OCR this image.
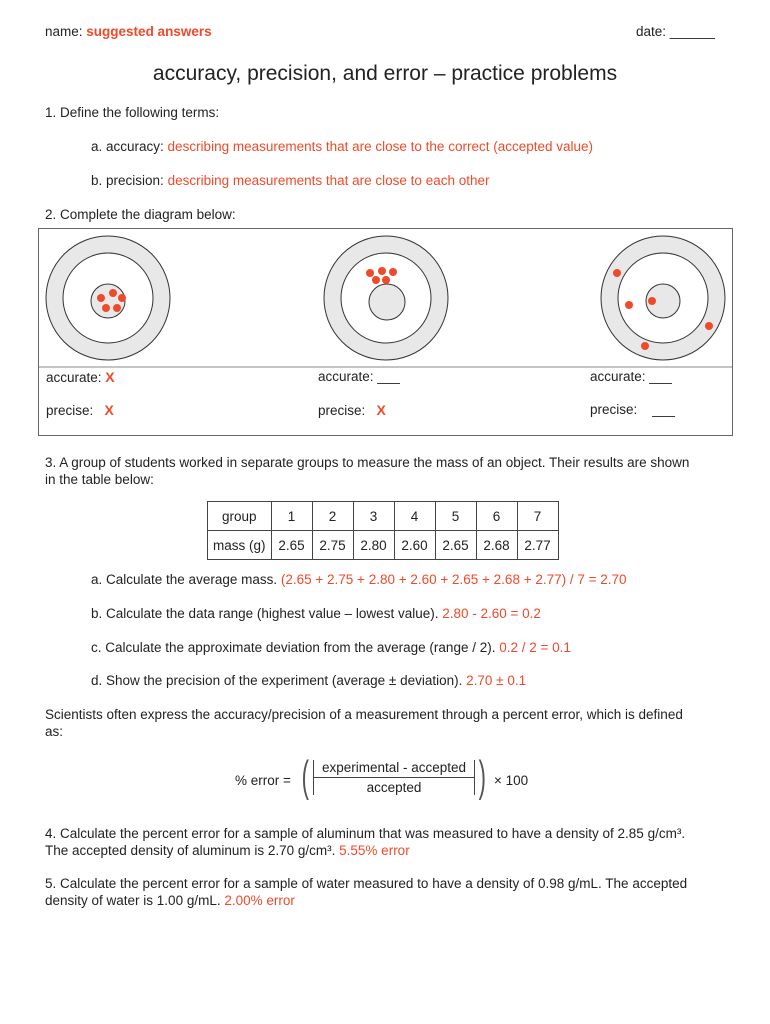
name: suggested answers	date: ______
accuracy, precision, and error – practice problems
1. Define the following terms:
a. accuracy: describing measurements that are close to the correct (accepted value)
b. precision: describing measurements that are close to each other
2. Complete the diagram below:
accurate: X
precise: X
accurate: ___
precise: X
accurate: ___
precise: ___
3. A group of students worked in separate groups to measure the mass of an object. Their results are shown
in the table below:
group	1	2	3	4	5	6	7
mass (g)	2.65	2.75	2.80	2.60	2.65	2.68	2.77
a. Calculate the average mass. (2.65 + 2.75 + 2.80 + 2.60 + 2.65 + 2.68 + 2.77) / 7 = 2.70
b. Calculate the data range (highest value – lowest value). 2.80 - 2.60 = 0.2
c. Calculate the approximate deviation from the average (range / 2). 0.2 / 2 = 0.1
d. Show the precision of the experiment (average ± deviation). 2.70 ± 0.1
Scientists often express the accuracy/precision of a measurement through a percent error, which is defined
as:
% error = (	)
experimental - accepted
accepted	× 100
4. Calculate the percent error for a sample of aluminum that was measured to have a density of 2.85 g/cm³.
The accepted density of aluminum is 2.70 g/cm³. 5.55% error
5. Calculate the percent error for a sample of water measured to have a density of 0.98 g/mL. The accepted
density of water is 1.00 g/mL. 2.00% error
